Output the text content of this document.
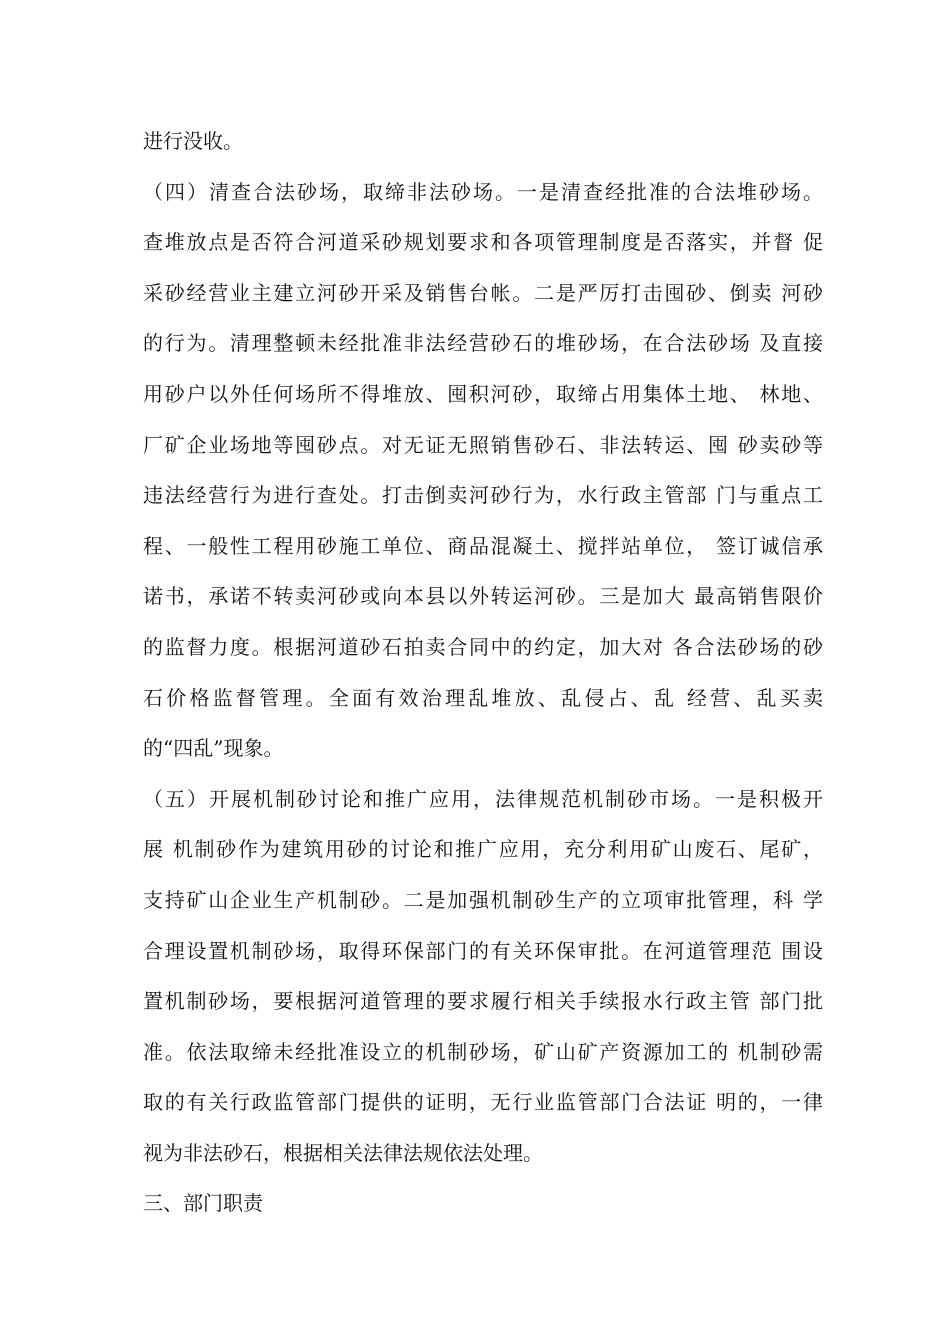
进行没收。
（四）清查合法砂场，取缔非法砂场。一是清查经批准的合法堆砂场。
查堆放点是否符合河道采砂规划要求和各项管理制度是否落实，并督 促
采砂经营业主建立河砂开采及销售台帐。二是严厉打击囤砂、倒卖 河砂
的行为。清理整顿未经批准非法经营砂石的堆砂场，在合法砂场 及直接
用砂户以外任何场所不得堆放、囤积河砂，取缔占用集体土地、 林地、
厂矿企业场地等囤砂点。对无证无照销售砂石、非法转运、囤 砂卖砂等
违法经营行为进行查处。打击倒卖河砂行为，水行政主管部 门与重点工
程、一般性工程用砂施工单位、商品混凝土、搅拌站单位， 签订诚信承
诺书，承诺不转卖河砂或向本县以外转运河砂。三是加大 最高销售限价
的监督力度。根据河道砂石拍卖合同中的约定，加大对 各合法砂场的砂
石价格监督管理。全面有效治理乱堆放、乱侵占、乱 经营、乱买卖
的“四乱”现象。
（五）开展机制砂讨论和推广应用，法律规范机制砂市场。一是积极开
展 机制砂作为建筑用砂的讨论和推广应用，充分利用矿山废石、尾矿，
支持矿山企业生产机制砂。二是加强机制砂生产的立项审批管理，科 学
合理设置机制砂场，取得环保部门的有关环保审批。在河道管理范 围设
置机制砂场，要根据河道管理的要求履行相关手续报水行政主管 部门批
准。依法取缔未经批准设立的机制砂场，矿山矿产资源加工的 机制砂需
取的有关行政监管部门提供的证明，无行业监管部门合法证 明的，一律
视为非法砂石，根据相关法律法规依法处理。
三、部门职责
